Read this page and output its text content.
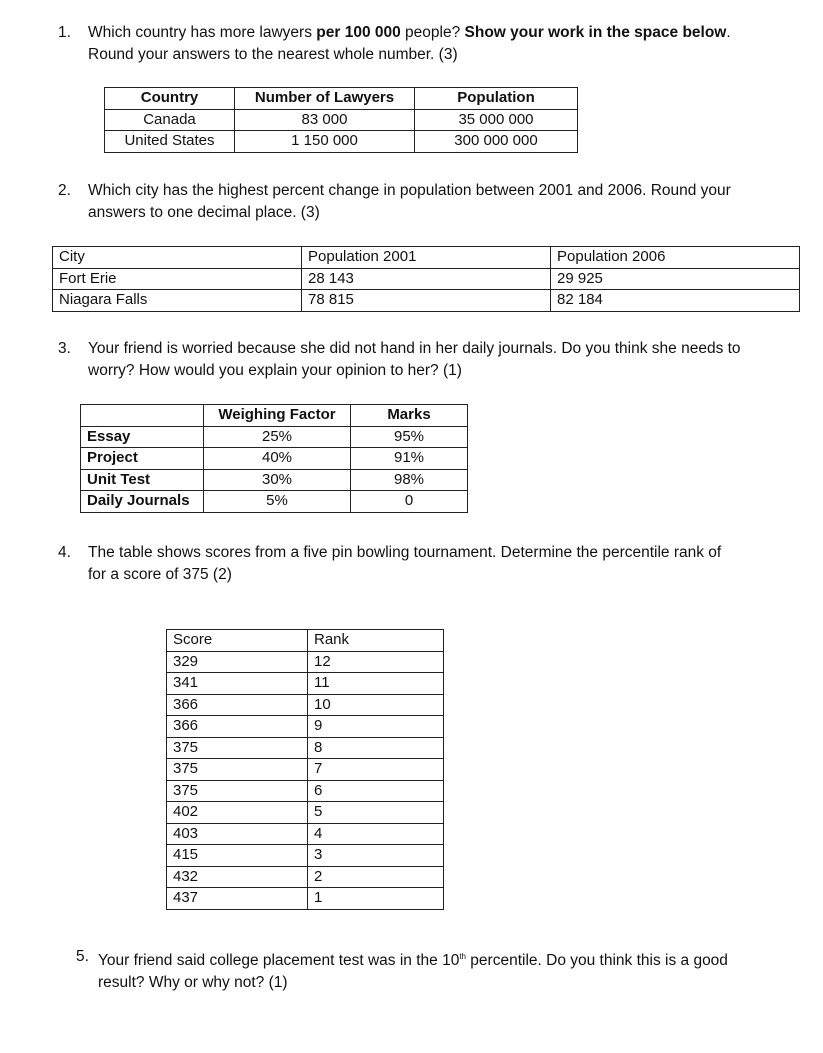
1. Which country has more lawyers per 100 000 people? Show your work in the space below.
Round your answers to the nearest whole number. (3)
Country	Number of Lawyers	Population
Canada	83 000	35 000 000
United States	1 150 000	300 000 000
2. Which city has the highest percent change in population between 2001 and 2006. Round your
answers to one decimal place. (3)
City	Population 2001	Population 2006
Fort Erie	28 143	29 925
Niagara Falls	78 815	82 184
3. Your friend is worried because she did not hand in her daily journals. Do you think she needs to
worry? How would you explain your opinion to her? (1)
	Weighing Factor	Marks
Essay	25%	95%
Project	40%	91%
Unit Test	30%	98%
Daily Journals	5%	0
4. The table shows scores from a five pin bowling tournament. Determine the percentile rank of
for a score of 375 (2)
Score	Rank
329	12
341	11
366	10
366	9
375	8
375	7
375	6
402	5
403	4
415	3
432	2
437	1
5. Your friend said college placement test was in the 10th percentile. Do you think this is a good
result? Why or why not? (1)
